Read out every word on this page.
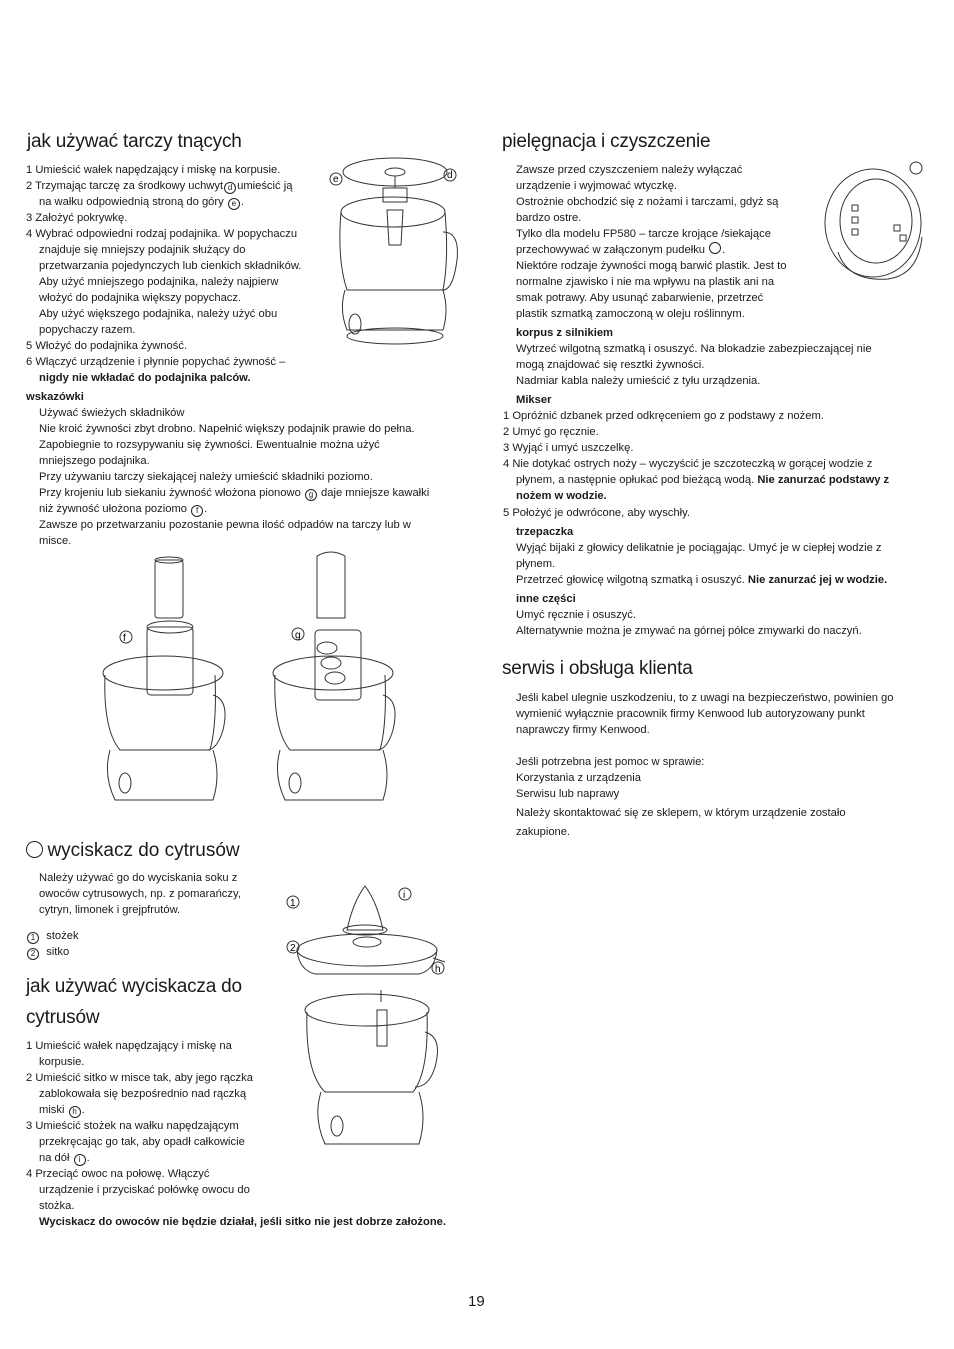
jak używać tarczy tnących
1 Umieścić wałek napędzający i miskę na korpusie.
2 Trzymając tarczę za środkowy uchwyt d umieścić ją
na wałku odpowiednią stroną do góry e .
3 Założyć pokrywkę.
4 Wybrać odpowiedni rodzaj podajnika. W popychaczu
znajduje się mniejszy podajnik służący do
przetwarzania pojedynczych lub cienkich składników.
Aby użyć mniejszego podajnika, należy najpierw
włożyć do podajnika większy popychacz.
Aby użyć większego podajnika, należy użyć obu
popychaczy razem.
5 Włożyć do podajnika żywność.
6 Włączyć urządzenie i płynnie popychać żywność –
nigdy nie wkładać do podajnika palców.
wskazówki
Używać świeżych składników
Nie kroić żywności zbyt drobno. Napełnić większy podajnik prawie do pełna.
Zapobiegnie to rozsypywaniu się żywności. Ewentualnie można użyć
mniejszego podajnika.
Przy używaniu tarczy siekającej należy umieścić składniki poziomo.
Przy krojeniu lub siekaniu żywność włożona pionowo g daje mniejsze kawałki
niż żywność ułożona poziomo f .
Zawsze po przetwarzaniu pozostanie pewna ilość odpadów na tarczy lub w
misce.
wyciskacz do cytrusów
Należy używać go do wyciskania soku z
owoców cytrusowych, np. z pomarańczy,
cytryn, limonek i grejpfrutów.
1 stożek
2 sitko
jak używać wyciskacza do
cytrusów
1 Umieścić wałek napędzający i miskę na
korpusie.
2 Umieścić sitko w misce tak, aby jego rączka
zablokowała się bezpośrednio nad rączką
miski h .
3 Umieścić stożek na wałku napędzającym
przekręcając go tak, aby opadł całkowicie
na dół i .
4 Przeciąć owoc na połowę. Włączyć
urządzenie i przyciskać połówkę owocu do
stożka.
Wyciskacz do owoców nie będzie działał, jeśli sitko nie jest dobrze założone.
e	d
f	g
1
i
2
h
pielęgnacja i czyszczenie
Zawsze przed czyszczeniem należy wyłączać
urządzenie i wyjmować wtyczkę.
Ostrożnie obchodzić się z nożami i tarczami, gdyż są
bardzo ostre.
Tylko dla modelu FP580 – tarcze krojące /siekające
przechowywać w załączonym pudełku .
Niektóre rodzaje żywności mogą barwić plastik. Jest to
normalne zjawisko i nie ma wpływu na plastik ani na
smak potrawy. Aby usunąć zabarwienie, przetrzeć
plastik szmatką zamoczoną w oleju roślinnym.
korpus z silnikiem
Wytrzeć wilgotną szmatką i osuszyć. Na blokadzie zabezpieczającej nie
mogą znajdować się resztki żywności.
Nadmiar kabla należy umieścić z tyłu urządzenia.
Mikser
1 Opróżnić dzbanek przed odkręceniem go z podstawy z nożem.
2 Umyć go ręcznie.
3 Wyjąć i umyć uszczelkę.
4 Nie dotykać ostrych noży – wyczyścić je szczoteczką w gorącej wodzie z
płynem, a następnie opłukać pod bieżącą wodą. Nie zanurzać podstawy z
nożem w wodzie.
5 Położyć je odwrócone, aby wyschły.
trzepaczka
Wyjąć bijaki z głowicy delikatnie je pociągając. Umyć je w ciepłej wodzie z
płynem.
Przetrzeć głowicę wilgotną szmatką i osuszyć. Nie zanurzać jej w wodzie.
inne części
Umyć ręcznie i osuszyć.
Alternatywnie można je zmywać na górnej półce zmywarki do naczyń.
serwis i obsługa klienta
Jeśli kabel ulegnie uszkodzeniu, to z uwagi na bezpieczeństwo, powinien go
wymienić wyłącznie pracownik firmy Kenwood lub autoryzowany punkt
naprawczy firmy Kenwood.
Jeśli potrzebna jest pomoc w sprawie:
Korzystania z urządzenia
Serwisu lub naprawy
Należy skontaktować się ze sklepem, w którym urządzenie zostało
zakupione.
19
